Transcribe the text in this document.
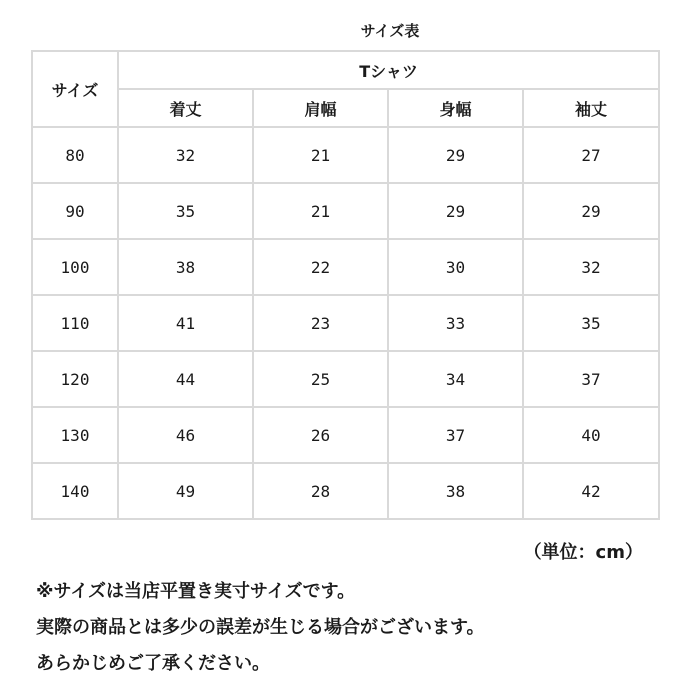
サイズ表
サイズ	Tシャツ			
	着丈	肩幅	身幅	袖丈
80	32	21	29	27
90	35	21	29	29
100	38	22	30	32
110	41	23	33	35
120	44	25	34	37
130	46	26	37	40
140	49	28	38	42
（単位：cm）
※サイズは当店平置き実寸サイズです。
実際の商品とは多少の誤差が生じる場合がございます。
あらかじめご了承ください。
